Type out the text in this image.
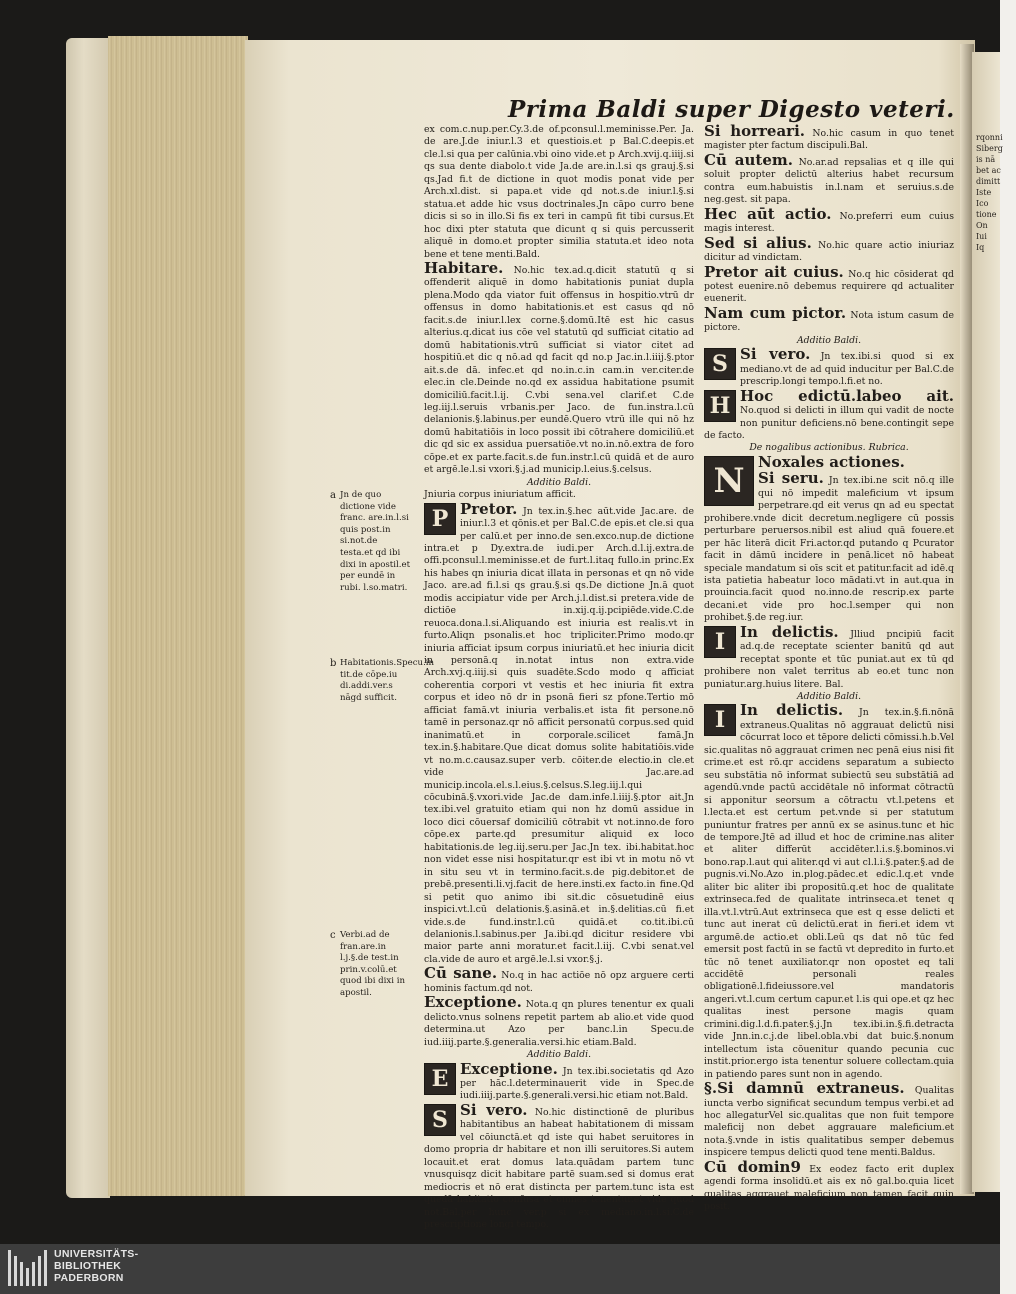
rqonni
Siberg
is nā
bet ac
dimitt
Iste
Ico
tione
On
Iui
Iq
Prima Baldi super Digesto veteri.

ex com.c.nup.per.Cy.3.de of.pconsul.l.meminisse.Per. Ja. de are.J.de iniur.l.3 et questiois.et p Bal.C.deepis.et cle.l.si qua per calūnia.vbi oino vide.et p Arch.xvij.q.iiij.si qs sua dente diabolo.t vide Ja.de are.in.l.si qs grauj.§.si qs.Jad fi.t de dictione in quot modis ponat vide per Arch.xl.dist. si papa.et vide qd not.s.de iniur.l.§.si statua.et adde hic vsus doctrinales.Jn cāpo curro bene dicis si so in illo.Si fis ex teri in campū fit tibi cursus.Et hoc dixi pter statuta que dicunt q si quis percusserit aliquē in domo.et propter similia statuta.et ideo nota bene et tene menti.Bald.

Habitare. No.hic tex.ad.q.dicit statutū q si offenderit aliquē in domo habitationis puniat dupla plena.Modo qda viator fuit offensus in hospitio.vtrū dr offensus in domo habitationis.et est casus qd nō facit.s.de iniur.l.lex corne.§.domū.Itē est hic casus alterius.q.dicat ius cōe vel statutū qd sufficiat citatio ad domū habitationis.vtrū sufficiat si viator citet ad hospitiū.et dic q nō.ad qd facit qd no.p Jac.in.l.iiij.§.ptor ait.s.de dā. infec.et qd no.in.c.in cam.in ver.citer.de elec.in cle.Deinde no.qd ex assidua habitatione psumit domiciliū.facit.l.ij. C.vbi sena.vel clarif.et C.de leg.iij.l.seruis vrbanis.per Jaco. de fun.instra.l.cū delanionis.§.labinus.per eundē.Quero vtrū ille qui nō hz domū habitatiōis in loco possit ibi cōtrahere domiciliū.et dic qd sic ex assidua puersatiōe.vt no.in.nō.extra de foro cōpe.et ex parte.facit.s.de fun.instr.l.cū quidā et de auro et argē.le.l.si vxori.§.j.ad municip.l.eius.§.celsus.

Additio Baldi.

Jniuria corpus iniuriatum afficit.

P Pretor. Jn tex.in.§.hec aūt.vide Jac.are. de iniur.l.3 et qōnis.et per Bal.C.de epis.et cle.si qua per calū.et per inno.de sen.exco.nup.de dictione intra.et p Dy.extra.de iudi.per Arch.d.l.ij.extra.de offi.pconsul.l.meminisse.et de furt.l.itaq fullo.in princ.Ex his habes qn iniuria dicat illata in personas et qn nō vide Jaco. are.ad fi.l.si qs grau.§.si qs.De dictione Jn.ā quot modis accipiatur vide per Arch.j.l.dist.si pretera.vide de dictiōe in.xij.q.ij.pcipiēde.vide.C.de reuoca.dona.l.si.Aliquando est iniuria est realis.vt in furto.Aliqn psonalis.et hoc tripliciter.Primo modo.qr iniuria afficiat ipsum corpus iniuriatū.et hec iniuria dicit in personā.q in.notat intus non extra.vide Arch.xvj.q.iiij.si quis suadēte.Scdo modo q afficiat coherentia corpori vt vestis et hec iniuria fit extra corpus et ideo nō dr in psonā fieri sz pfone.Tertio mō afficiat famā.vt iniuria verbalis.et ista fit persone.nō tamē in personaz.qr nō afficit personatū corpus.sed quid inanimatū.et in corporale.scilicet famā.Jn tex.in.§.habitare.Que dicat domus solite habitatiōis.vide vt no.m.c.causaz.super verb. cōiter.de electio.in cle.et vide Jac.are.ad municip.incola.el.s.l.eius.§.celsus.S.leg.iij.l.qui cōcubinā.§.vxori.vide Jac.de dam.infe.l.iiij.§.ptor ait.Jn tex.ibi.vel gratuito etiam qui non hz domū assidue in loco dici cōuersaf domiciliū cōtrabit vt not.inno.de foro cōpe.ex parte.qd presumitur aliquid ex loco habitationis.de leg.iij.seru.per Jac.Jn tex. ibi.habitat.hoc non videt esse nisi hospitatur.qr est ibi vt in motu nō vt in situ seu vt in termino.facit.s.de pig.debitor.et de prebē.presenti.li.vj.facit de here.insti.ex facto.in fine.Qd si petit quo animo ibi sit.dic cōsuetudinē eius inspici.vt.l.cū delationis.§.asinā.et in.§.delitias.cū fi.et vide.s.de fund.instr.l.cū quidā.et co.tit.ibi.cū delanionis.l.sabinus.per Ja.ibi.qd dicitur residere vbi maior parte anni moratur.et facit.l.iij. C.vbi senat.vel cla.vide de auro et argē.le.l.si vxor.§.j.

Cū sane. No.q in hac actiōe nō opz arguere certi hominis factum.qd not.

Exceptione. Nota.q qn plures tenentur ex quali delicto.vnus solnens repetit partem ab alio.et vide quod determina.ut Azo per banc.l.in Specu.de iud.iiij.parte.§.generalia.versi.hic etiam.Bald.

Additio Baldi.

E Exceptione. Jn tex.ibi.societatis qd Azo per hāc.l.determinauerit vide in Spec.de iudi.iiij.parte.§.generali.versi.hic etiam not.Bald.

S Si vero. No.hic distinctionē de pluribus habitantibus an habeat habitationem di missam vel cōiunctā.et qd iste qui habet seruitores in domo propria dr habitare et non illi seruitores.Si autem locauit.et erat domus lata.quādam partem tunc vnusquisqz dicit habitare partē suam.sed si domus erat mediocris et nō erat distincta per partem.tunc ista est quedā habitatio confusa et omnes tenentur.et vide quod not.Bal.per hunc ver.p si ex mediano.in.l.si.C.de prescriptione longi tempo.

Si horreari. No.hic casum in quo tenet magister pter factum discipuli.Bal.

Cū autem. No.ar.ad repsalias et q ille qui soluit propter delictū alterius habet recursum contra eum.habuistis in.l.nam et seruius.s.de neg.gest. sit papa.

Hec aūt actio. No.preferri eum cuius magis interest.

Sed si alius. No.hic quare actio iniuriaz dicitur ad vindictam.

Pretor ait cuius. No.q hic cōsiderat qd potest euenire.nō debemus requirere qd actualiter euenerit.

Nam cum pictor. Nota istum casum de pictore.

Additio Baldi.

S Si vero. Jn tex.ibi.si quod si ex mediano.vt de ad quid inducitur per Bal.C.de prescrip.longi tempo.l.fi.et no.

H Hoc edictū.labeo ait. No.quod si delicti in illum qui vadit de nocte non punitur deficiens.nō bene.contingit sepe de facto.

De nogalibus actionibus. Rubrica.

N Noxales actiones.
Si seru. Jn tex.ibi.ne scit nō.q ille qui nō impedit maleficium vt ipsum perpetrare.qd eit verus qn ad eu spectat prohibere.vnde dicit decretum.negligere cū possis perturbare peruersos.nibil est aliud quā fouere.et per hāc literā dicit Fri.actor.qd putando q Pcurator facit in dāmū incidere in penā.licet nō habeat speciale mandatum si oīs scit et patitur.facit ad idē.q ista patietia habeatur loco mādati.vt in aut.qua in prouincia.facit quod no.inno.de rescrip.ex parte decani.et vide pro hoc.l.semper qui non prohibet.§.de reg.iur.

I In delictis. Jlliud pncipiū facit ad.q.de receptate scienter banitū qd aut receptat sponte et tūc puniat.aut ex tū qd prohibere non valet territus ab eo.et tunc non puniatur.arg.huius litere. Bal.

Additio Baldi.

I In delictis. Jn tex.in.§.fi.nōnā extraneus.Qualitas nō aggrauat delictū nisi cōcurrat loco et tēpore delicti cōmissi.h.b.Vel sic.qualitas nō aggrauat crimen nec penā eius nisi fit crime.et est rō.qr accidens separatum a subiecto seu substātia nō informat subiectū seu substātiā ad agendū.vnde pactū accidētale nō informat cōtractū si apponitur seorsum a cōtractu vt.l.petens et l.lecta.et est certum pet.vnde si per statutum puniuntur fratres per annū ex se asinus.tunc et hic de tempore.Jtē ad illud et hoc de crimine.nas aliter et aliter differūt accidēter.l.i.s.§.bominos.vi bono.rap.l.aut qui aliter.qd vi aut cl.l.i.§.pater.§.ad de pugnis.vi.No.Azo in.plog.pādec.et edic.l.q.et vnde aliter bic aliter ibi propositū.q.et hoc de qualitate extrinseca.fed de qualitate intrinseca.et tenet q illa.vt.l.vtrū.Aut extrinseca que est q esse delicti et tunc aut inerat cū delictū.erat in fieri.et idem vt argumē.de actio.et obli.Leū qs dat nō tūc fed emersit post factū in se factū vt depredito in furto.et tūc nō tenet auxiliator.qr non opostet eq tali accidētē personali reales obligationē.l.fideiussore.vel mandatoris angeri.vt.l.cum certum capur.et l.is qui ope.et qz hec qualitas inest persone magis quam crimini.dig.l.d.fi.pater.§.j.Jn tex.ibi.in.§.fi.detracta vide Jnn.in.c.j.de libel.obla.vbi dat buic.§.nonum intellectum ista cōuenitur quando pecunia cuc instit.prior.ergo ista tenentur soluere collectam.quia in patiendo pares sunt non in agendo.

§.Si damnū extraneus. Qualitas iuncta verbo significat secundum tempus verbi.et ad hoc allegaturVel sic.qualitas que non fuit tempore maleficij non debet aggrauare maleficium.et nota.§.vnde in istis qualitatibus semper debemus inspicere tempus delicti quod tene menti.Baldus.

Cū domin9 Ex eodez facto erit duplex agendi forma insolidū.et ais ex nō gal.bo.quia licet qualitas aggrauet maleficium non tamen facit quin posit.

a Jn de quo dictione vide franc. are.in.l.si quis post.in si.not.de testa.et qd ibi dixi in apostil.et per eundē in rubi. l.so.matri.
b Habitationis.Specu.in tit.de cōpe.iu di.addi.ver.s nāgd sufficit.
c Verbi.ad de fran.are.in l.j.§.de test.in prin.v.colū.et quod ibi dixi in apostil.
UNIVERSITÄTS-
BIBLIOTHEK
PADERBORN
